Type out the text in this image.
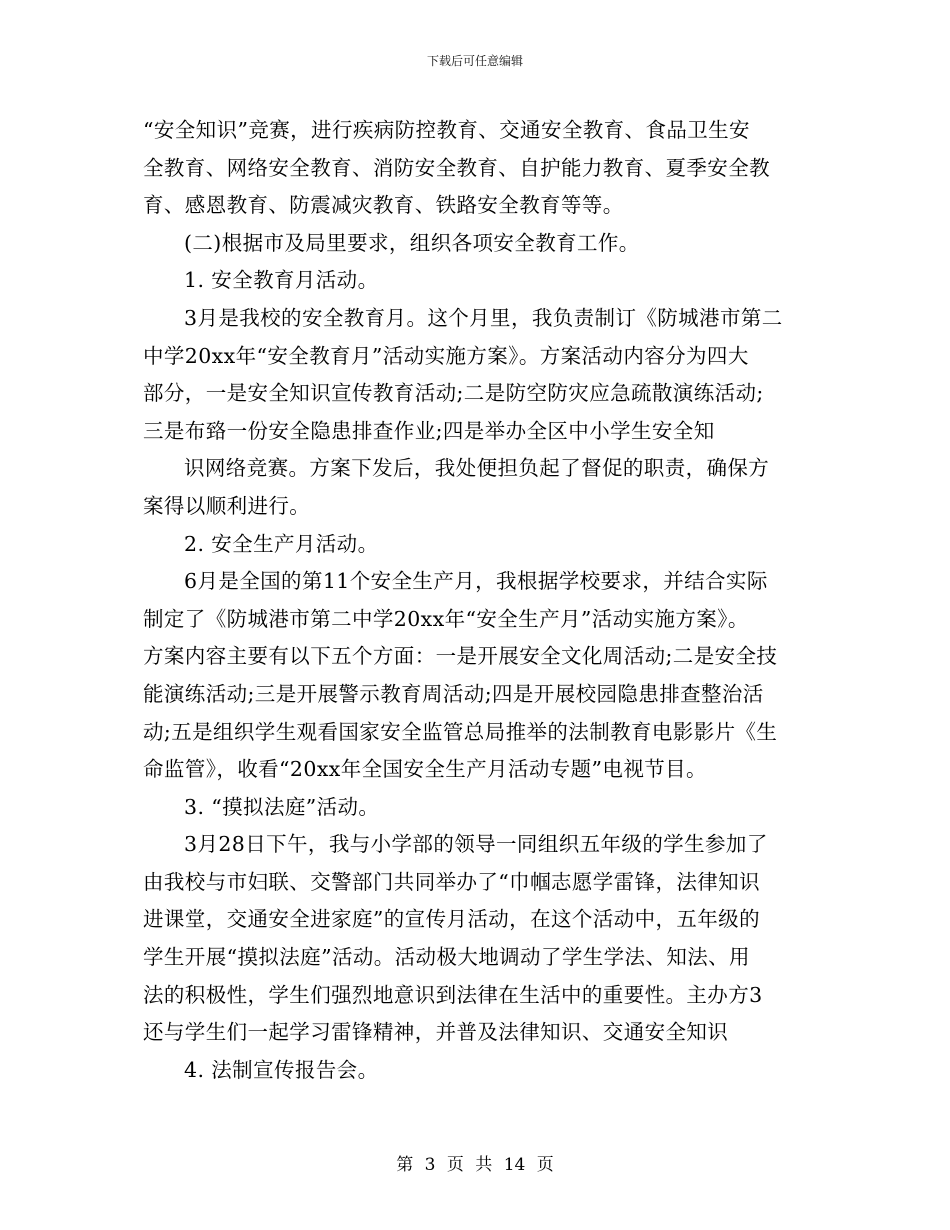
下载后可任意编辑

“安全知识”竞赛，进行疾病防控教育、交通安全教育、食品卫生安

全教育、网络安全教育、消防安全教育、自护能力教育、夏季安全教

育、感恩教育、防震减灾教育、铁路安全教育等等。

(二)根据市及局里要求，组织各项安全教育工作。

1. 安全教育月活动。

3月是我校的安全教育月。这个月里，我负责制订《防城港市第二

中学20xx年“安全教育月”活动实施方案》。方案活动内容分为四大

部分，一是安全知识宣传教育活动;二是防空防灾应急疏散演练活动;

三是布臵一份安全隐患排查作业;四是举办全区中小学生安全知

识网络竞赛。方案下发后，我处便担负起了督促的职责，确保方

案得以顺利进行。

2. 安全生产月活动。

6月是全国的第11个安全生产月，我根据学校要求，并结合实际

制定了《防城港市第二中学20xx年“安全生产月”活动实施方案》。

方案内容主要有以下五个方面：一是开展安全文化周活动;二是安全技

能演练活动;三是开展警示教育周活动;四是开展校园隐患排查整治活

动;五是组织学生观看国家安全监管总局推举的法制教育电影影片《生

命监管》，收看“20xx年全国安全生产月活动专题”电视节目。

3. “摸拟法庭”活动。

3月28日下午，我与小学部的领导一同组织五年级的学生参加了

由我校与市妇联、交警部门共同举办了“巾帼志愿学雷锋，法律知识

进课堂，交通安全进家庭”的宣传月活动，在这个活动中，五年级的

学生开展“摸拟法庭”活动。活动极大地调动了学生学法、知法、用

法的积极性，学生们强烈地意识到法律在生活中的重要性。主办方3

还与学生们一起学习雷锋精神，并普及法律知识、交通安全知识

4. 法制宣传报告会。

第 3 页 共 14 页
